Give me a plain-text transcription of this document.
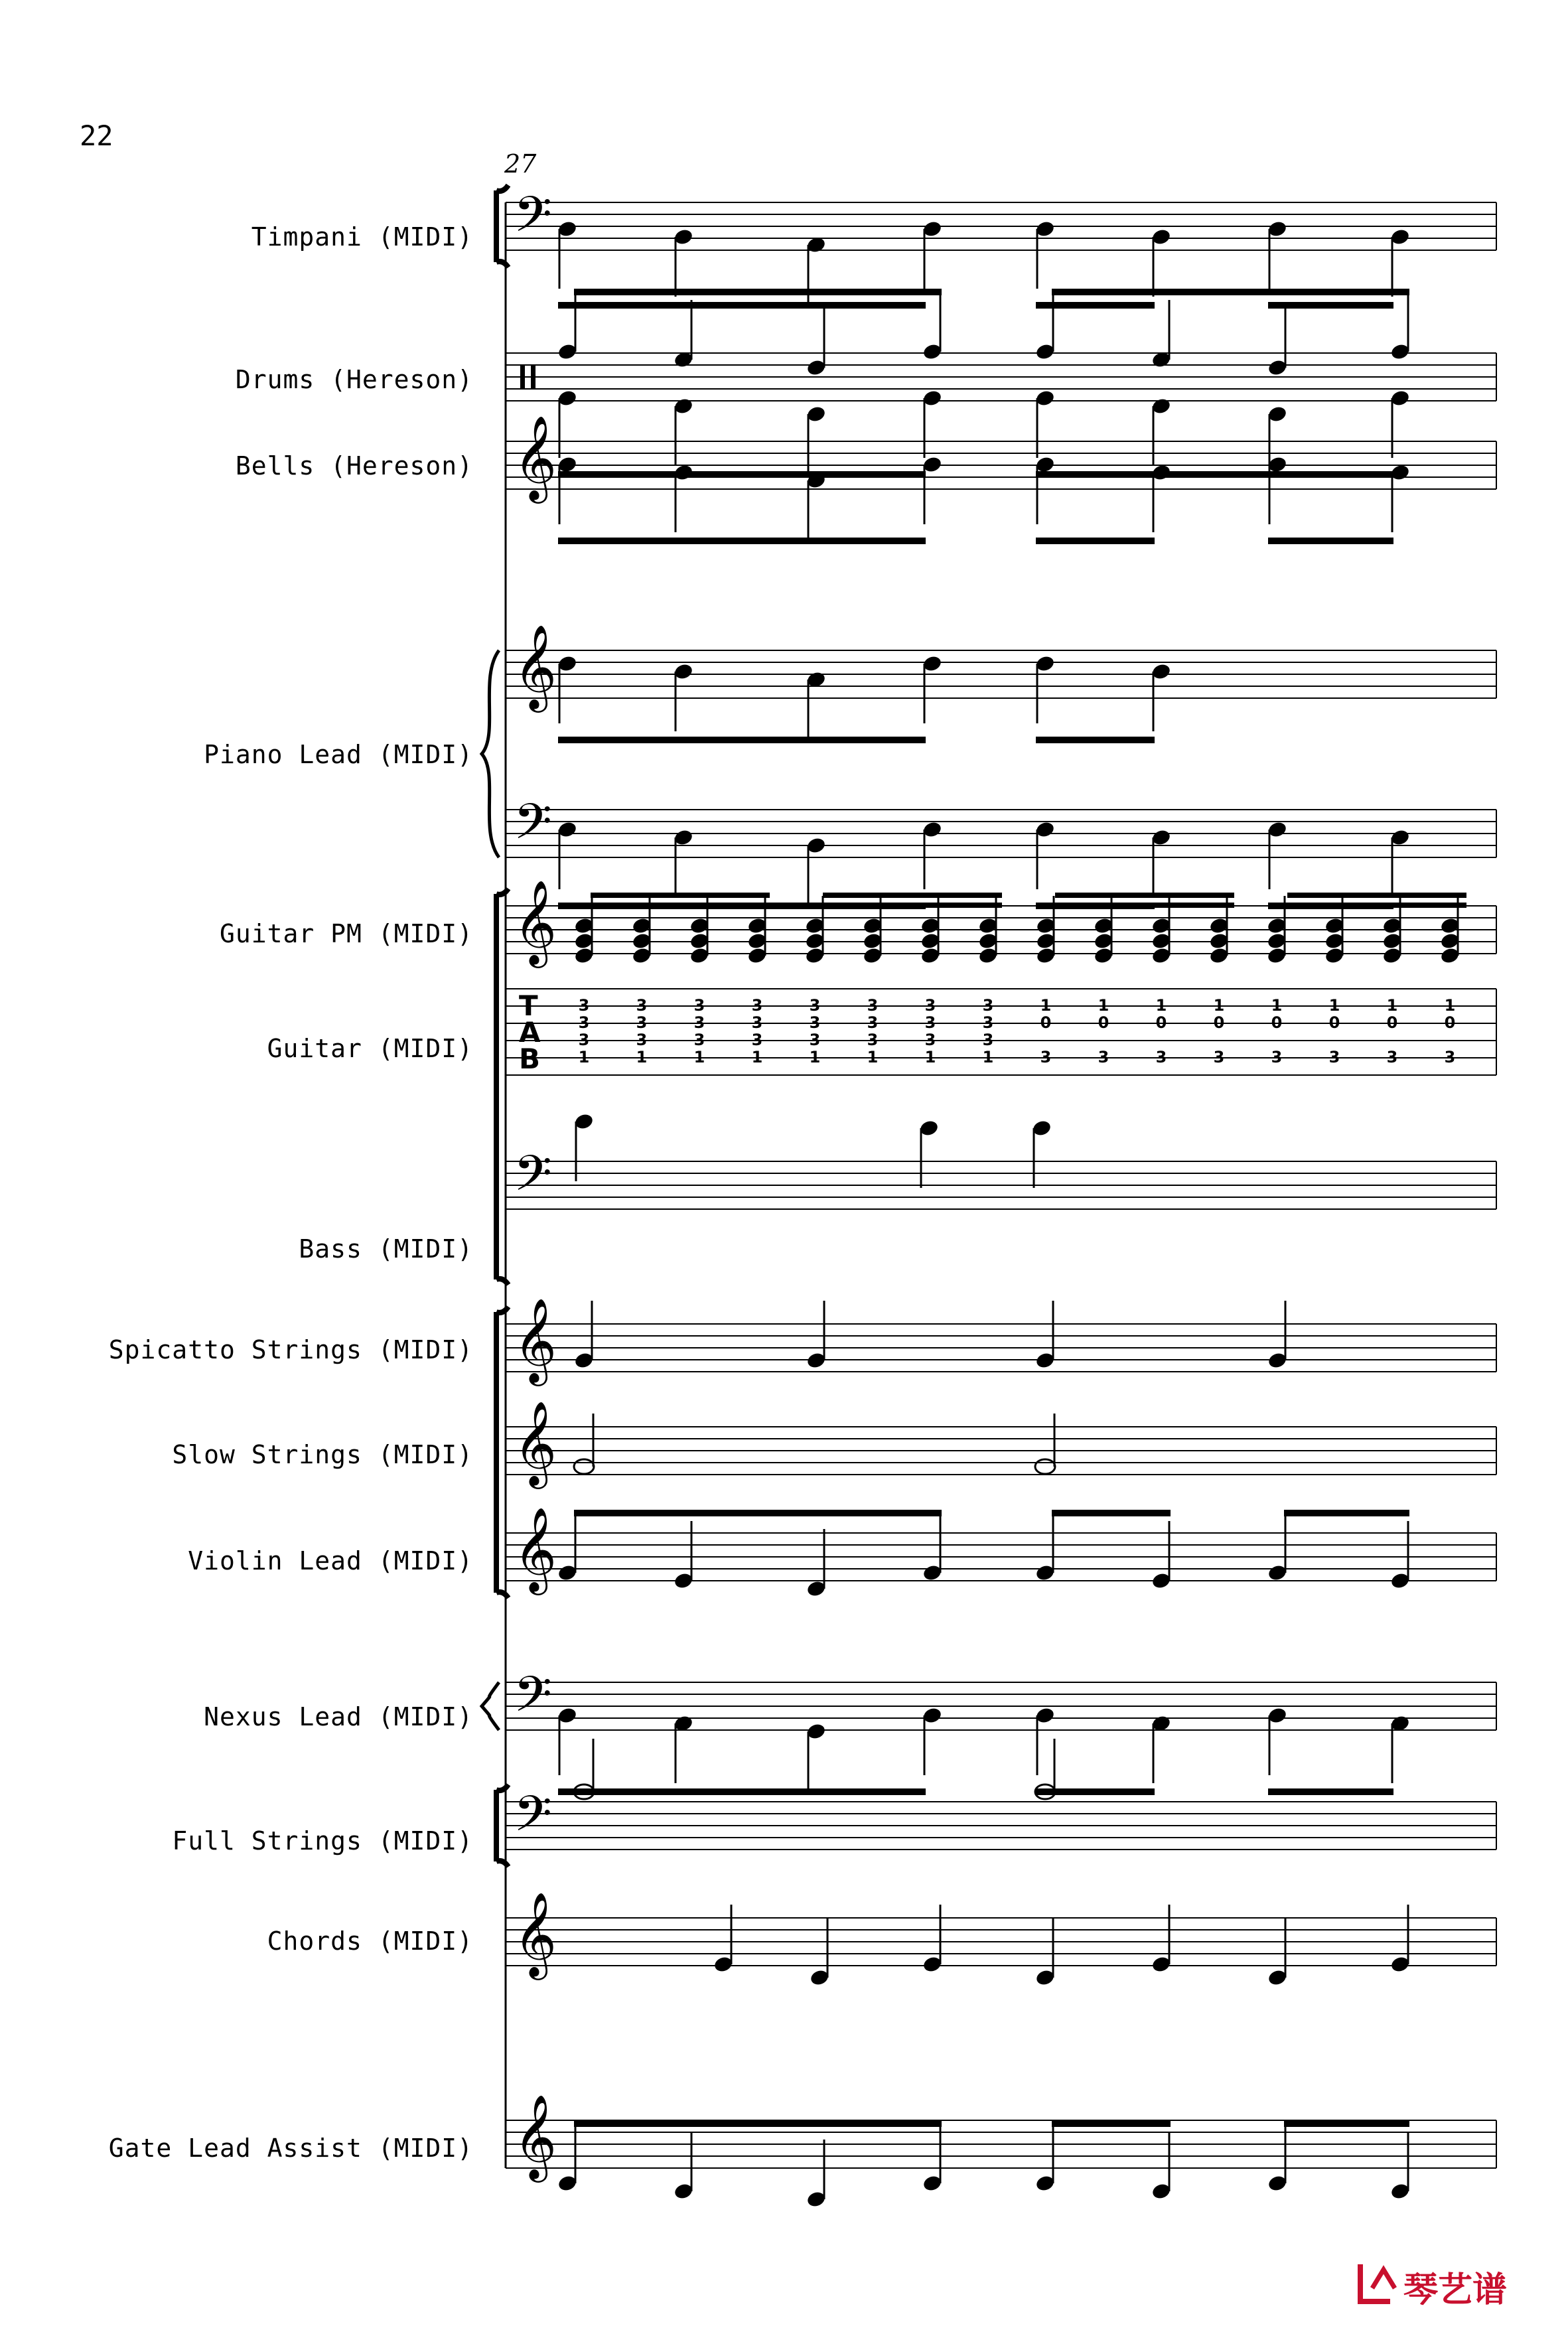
22
27
Timpani (MIDI)
Drums (Hereson)
Bells (Hereson)
Piano Lead (MIDI)
Guitar PM (MIDI)
Guitar (MIDI)
Bass (MIDI)
Spicatto Strings (MIDI)
Slow Strings (MIDI)
Violin Lead (MIDI)
Nexus Lead (MIDI)
Full Strings (MIDI)
Chords (MIDI)
Gate Lead Assist (MIDI)
𝄢
𝄞
𝄞
𝄢
𝄞
𝄢
𝄞
𝄞
𝄞
𝄢
𝄢
𝄞
𝄞
T
A
B
3
3
3
1
3
3
3
1
3
3
3
1
3
3
3
1
3
3
3
1
3
3
3
1
3
3
3
1
3
3
3
1
1
0
3
1
0
3
1
0
3
1
0
3
1
0
3
1
0
3
1
0
3
1
0
3
琴艺谱
